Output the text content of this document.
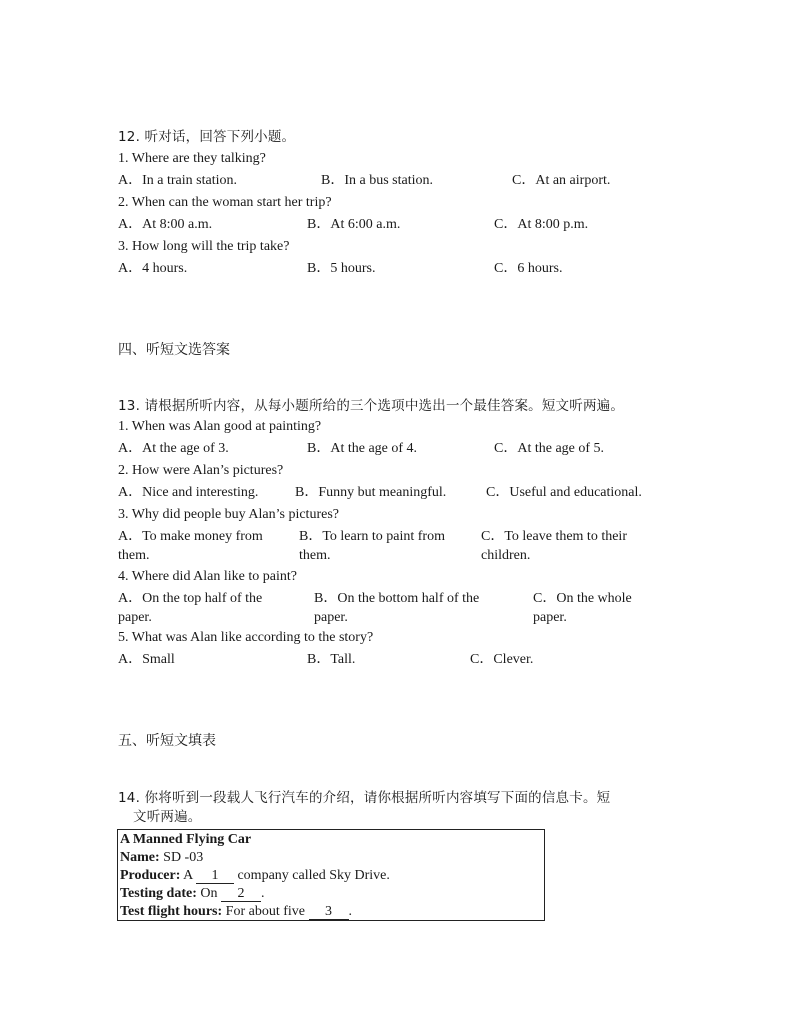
12. 听对话，回答下列小题。
1. Where are they talking?
A．In a train station.	B．In a bus station.	C．At an airport.
2. When can the woman start her trip?
A．At 8:00 a.m.	B．At 6:00 a.m.	C．At 8:00 p.m.
3. How long will the trip take?
A．4 hours.	B．5 hours.	C．6 hours.
四、听短文选答案
13. 请根据所听内容，从每小题所给的三个选项中选出一个最佳答案。短文听两遍。
1. When was Alan good at painting?
A．At the age of 3.	B．At the age of 4.	C．At the age of 5.
2. How were Alan’s pictures?
A．Nice and interesting.	B．Funny but meaningful.	C．Useful and educational.
3. Why did people buy Alan’s pictures?
A．To make money from
them.
B．To learn to paint from
them.
C．To leave them to their
children.
4. Where did Alan like to paint?
A．On the top half of the
paper.
B．On the bottom half of the
paper.
C．On the whole
paper.
5. What was Alan like according to the story?
A．Small	B．Tall.	C．Clever.
五、听短文填表
14. 你将听到一段载人飞行汽车的介绍，请你根据所听内容填写下面的信息卡。短
文听两遍。
A Manned Flying Car
Name: SD -03
Producer: A 1 company called Sky Drive.
Testing date: On 2 .
Test flight hours: For about five 3 .
